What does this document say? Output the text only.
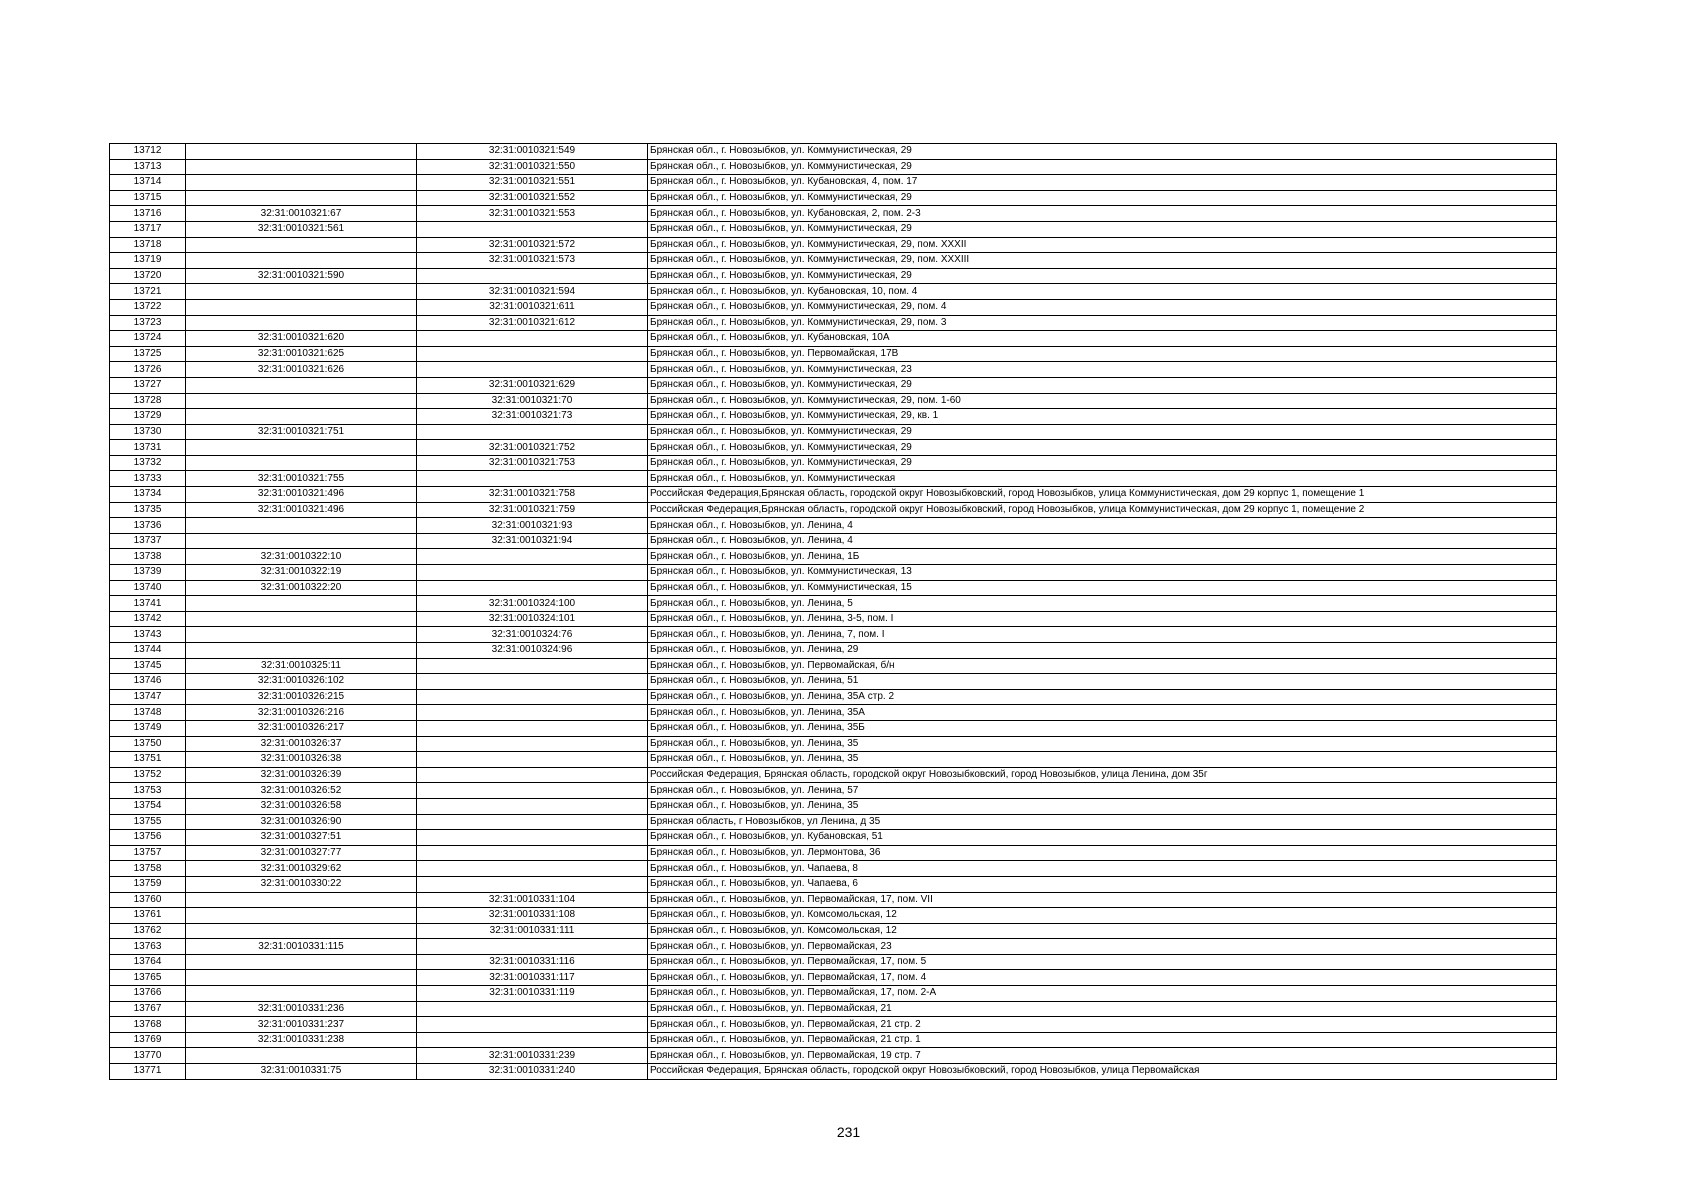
13712		32:31:0010321:549	Брянская обл., г. Новозыбков, ул. Коммунистическая, 29
13713		32:31:0010321:550	Брянская обл., г. Новозыбков, ул. Коммунистическая, 29
13714		32:31:0010321:551	Брянская обл., г. Новозыбков, ул. Кубановская, 4, пом. 17
13715		32:31:0010321:552	Брянская обл., г. Новозыбков, ул. Коммунистическая, 29
13716	32:31:0010321:67	32:31:0010321:553	Брянская обл., г. Новозыбков, ул. Кубановская, 2, пом. 2-3
13717	32:31:0010321:561		Брянская обл., г. Новозыбков, ул. Коммунистическая, 29
13718		32:31:0010321:572	Брянская обл., г. Новозыбков, ул. Коммунистическая, 29, пом. XXXII
13719		32:31:0010321:573	Брянская обл., г. Новозыбков, ул. Коммунистическая, 29, пом. XXXIII
13720	32:31:0010321:590		Брянская обл., г. Новозыбков, ул. Коммунистическая, 29
13721		32:31:0010321:594	Брянская обл., г. Новозыбков, ул. Кубановская, 10, пом. 4
13722		32:31:0010321:611	Брянская обл., г. Новозыбков, ул. Коммунистическая, 29, пом. 4
13723		32:31:0010321:612	Брянская обл., г. Новозыбков, ул. Коммунистическая, 29, пом. 3
13724	32:31:0010321:620		Брянская обл., г. Новозыбков, ул. Кубановская, 10А
13725	32:31:0010321:625		Брянская обл., г. Новозыбков, ул. Первомайская, 17В
13726	32:31:0010321:626		Брянская обл., г. Новозыбков, ул. Коммунистическая, 23
13727		32:31:0010321:629	Брянская обл., г. Новозыбков, ул. Коммунистическая, 29
13728		32:31:0010321:70	Брянская обл., г. Новозыбков, ул. Коммунистическая, 29, пом. 1-60
13729		32:31:0010321:73	Брянская обл., г. Новозыбков, ул. Коммунистическая, 29, кв. 1
13730	32:31:0010321:751		Брянская обл., г. Новозыбков, ул. Коммунистическая, 29
13731		32:31:0010321:752	Брянская обл., г. Новозыбков, ул. Коммунистическая, 29
13732		32:31:0010321:753	Брянская обл., г. Новозыбков, ул. Коммунистическая, 29
13733	32:31:0010321:755		Брянская обл., г. Новозыбков, ул. Коммунистическая
13734	32:31:0010321:496	32:31:0010321:758	Российская Федерация,Брянская область, городской округ Новозыбковский, город Новозыбков, улица Коммунистическая, дом 29 корпус 1, помещение 1
13735	32:31:0010321:496	32:31:0010321:759	Российская Федерация,Брянская область, городской округ Новозыбковский, город Новозыбков, улица Коммунистическая, дом 29 корпус 1, помещение 2
13736		32:31:0010321:93	Брянская обл., г. Новозыбков, ул. Ленина, 4
13737		32:31:0010321:94	Брянская обл., г. Новозыбков, ул. Ленина, 4
13738	32:31:0010322:10		Брянская обл., г. Новозыбков, ул. Ленина, 1Б
13739	32:31:0010322:19		Брянская обл., г. Новозыбков, ул. Коммунистическая, 13
13740	32:31:0010322:20		Брянская обл., г. Новозыбков, ул. Коммунистическая, 15
13741		32:31:0010324:100	Брянская обл., г. Новозыбков, ул. Ленина, 5
13742		32:31:0010324:101	Брянская обл., г. Новозыбков, ул. Ленина, 3-5, пом. I
13743		32:31:0010324:76	Брянская обл., г. Новозыбков, ул. Ленина, 7, пом. I
13744		32:31:0010324:96	Брянская обл., г. Новозыбков, ул. Ленина, 29
13745	32:31:0010325:11		Брянская обл., г. Новозыбков, ул. Первомайская, б/н
13746	32:31:0010326:102		Брянская обл., г. Новозыбков, ул. Ленина, 51
13747	32:31:0010326:215		Брянская обл., г. Новозыбков, ул. Ленина, 35А стр. 2
13748	32:31:0010326:216		Брянская обл., г. Новозыбков, ул. Ленина, 35А
13749	32:31:0010326:217		Брянская обл., г. Новозыбков, ул. Ленина, 35Б
13750	32:31:0010326:37		Брянская обл., г. Новозыбков, ул. Ленина, 35
13751	32:31:0010326:38		Брянская обл., г. Новозыбков, ул. Ленина, 35
13752	32:31:0010326:39		Российская Федерация, Брянская область, городской округ Новозыбковский, город Новозыбков, улица Ленина, дом 35г
13753	32:31:0010326:52		Брянская обл., г. Новозыбков, ул. Ленина, 57
13754	32:31:0010326:58		Брянская обл., г. Новозыбков, ул. Ленина, 35
13755	32:31:0010326:90		Брянская область, г Новозыбков, ул Ленина, д 35
13756	32:31:0010327:51		Брянская обл., г. Новозыбков, ул. Кубановская, 51
13757	32:31:0010327:77		Брянская обл., г. Новозыбков, ул. Лермонтова, 36
13758	32:31:0010329:62		Брянская обл., г. Новозыбков, ул. Чапаева, 8
13759	32:31:0010330:22		Брянская обл., г. Новозыбков, ул. Чапаева, 6
13760		32:31:0010331:104	Брянская обл., г. Новозыбков, ул. Первомайская, 17, пом. VII
13761		32:31:0010331:108	Брянская обл., г. Новозыбков, ул. Комсомольская, 12
13762		32:31:0010331:111	Брянская обл., г. Новозыбков, ул. Комсомольская, 12
13763	32:31:0010331:115		Брянская обл., г. Новозыбков, ул. Первомайская, 23
13764		32:31:0010331:116	Брянская обл., г. Новозыбков, ул. Первомайская, 17, пом. 5
13765		32:31:0010331:117	Брянская обл., г. Новозыбков, ул. Первомайская, 17, пом. 4
13766		32:31:0010331:119	Брянская обл., г. Новозыбков, ул. Первомайская, 17, пом. 2-А
13767	32:31:0010331:236		Брянская обл., г. Новозыбков, ул. Первомайская, 21
13768	32:31:0010331:237		Брянская обл., г. Новозыбков, ул. Первомайская, 21 стр. 2
13769	32:31:0010331:238		Брянская обл., г. Новозыбков, ул. Первомайская, 21 стр. 1
13770		32:31:0010331:239	Брянская обл., г. Новозыбков, ул. Первомайская, 19 стр. 7
13771	32:31:0010331:75	32:31:0010331:240	Российская Федерация, Брянская область, городской округ Новозыбковский, город Новозыбков, улица Первомайская
231
